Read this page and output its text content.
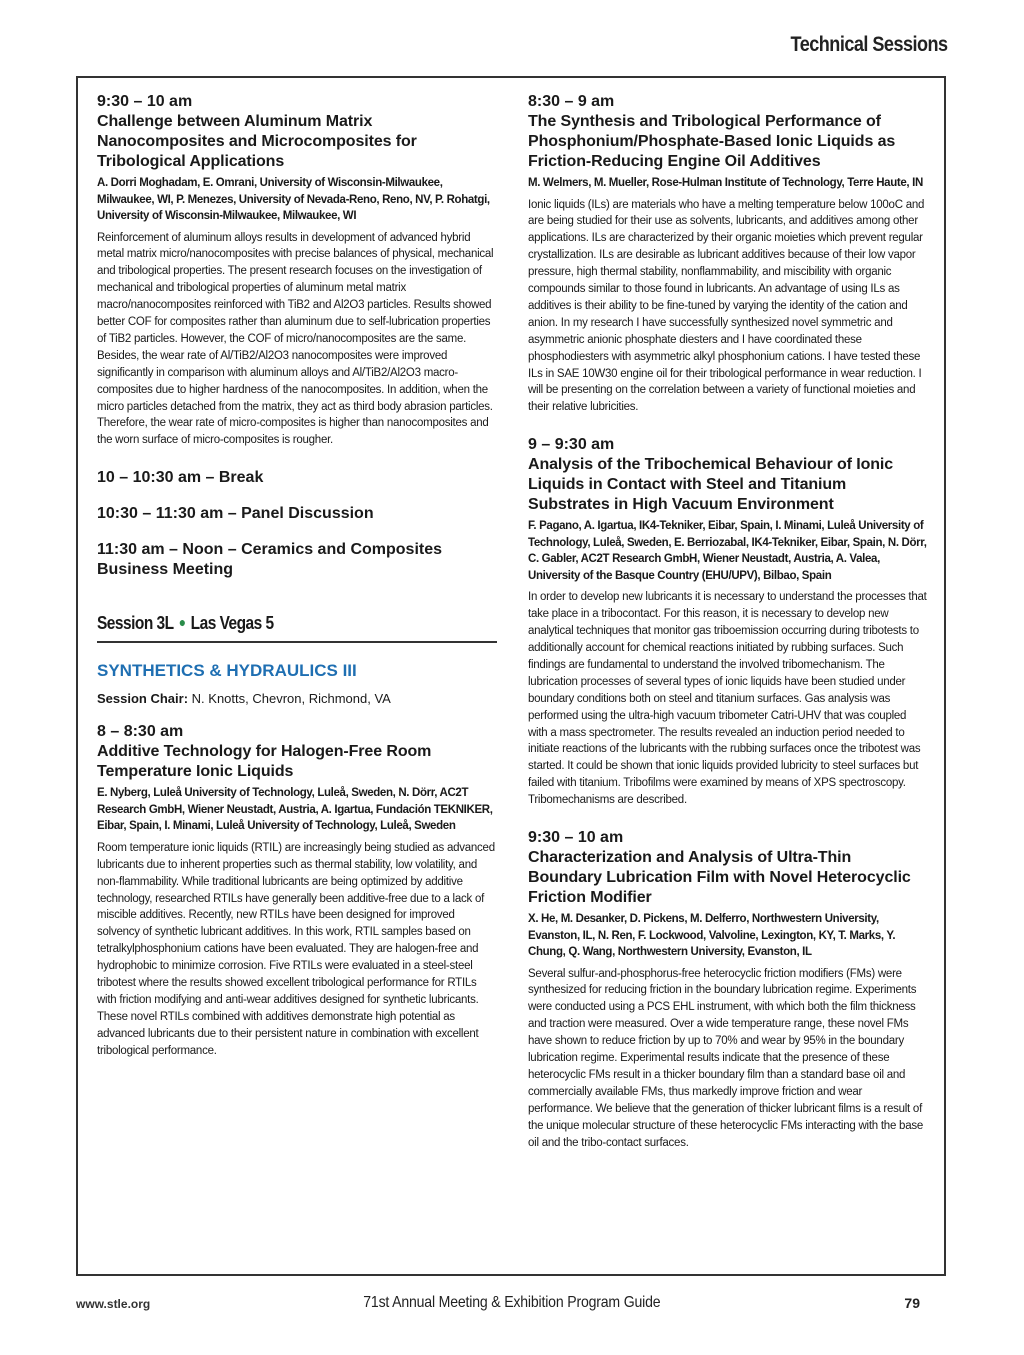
Technical Sessions

9:30 – 10 am

Challenge between Aluminum Matrix Nanocomposites and Microcomposites for Tribological Applications

A. Dorri Moghadam, E. Omrani, University of Wisconsin-Milwaukee, Milwaukee, WI, P. Menezes, University of Nevada-Reno, Reno, NV, P. Rohatgi, University of Wisconsin-Milwaukee, Milwaukee, WI

Reinforcement of aluminum alloys results in development of advanced hybrid metal matrix micro/nanocomposites with precise balances of physical, mechanical and tribological properties. The present research focuses on the investigation of mechanical and tribological properties of aluminum metal matrix macro/nanocomposites reinforced with TiB2 and Al2O3 particles. Results showed better COF for composites rather than aluminum due to self-lubrication properties of TiB2 particles. However, the COF of micro/nanocomposites are the same. Besides, the wear rate of Al/TiB2/Al2O3 nanocomposites were improved significantly in comparison with aluminum alloys and Al/TiB2/Al2O3 macro-composites due to higher hardness of the nanocomposites. In addition, when the micro particles detached from the matrix, they act as third body abrasion particles. Therefore, the wear rate of micro-composites is higher than nanocomposites and the worn surface of micro-composites is rougher.

10 – 10:30 am – Break

10:30 – 11:30 am – Panel Discussion

11:30 am – Noon – Ceramics and Composites Business Meeting

Session 3L ● Las Vegas 5

SYNTHETICS & HYDRAULICS III

Session Chair: N. Knotts, Chevron, Richmond, VA

8 – 8:30 am

Additive Technology for Halogen-Free Room Temperature Ionic Liquids

E. Nyberg, Luleå University of Technology, Luleå, Sweden, N. Dörr, AC2T Research GmbH, Wiener Neustadt, Austria, A. Igartua, Fundación TEKNIKER, Eibar, Spain, I. Minami, Luleå University of Technology, Luleå, Sweden

Room temperature ionic liquids (RTIL) are increasingly being studied as advanced lubricants due to inherent properties such as thermal stability, low volatility, and non-flammability. While traditional lubricants are being optimized by additive technology, researched RTILs have generally been additive-free due to a lack of miscible additives. Recently, new RTILs have been designed for improved solvency of synthetic lubricant additives. In this work, RTIL samples based on tetralkylphosphonium cations have been evaluated. They are halogen-free and hydrophobic to minimize corrosion. Five RTILs were evaluated in a steel-steel tribotest where the results showed excellent tribological performance for RTILs with friction modifying and anti-wear additives designed for synthetic lubricants. These novel RTILs combined with additives demonstrate high potential as advanced lubricants due to their persistent nature in combination with excellent tribological performance.

8:30 – 9 am

The Synthesis and Tribological Performance of Phosphonium/Phosphate-Based Ionic Liquids as Friction-Reducing Engine Oil Additives

M. Welmers, M. Mueller, Rose-Hulman Institute of Technology, Terre Haute, IN

Ionic liquids (ILs) are materials who have a melting temperature below 100oC and are being studied for their use as solvents, lubricants, and additives among other applications. ILs are characterized by their organic moieties which prevent regular crystallization. ILs are desirable as lubricant additives because of their low vapor pressure, high thermal stability, nonflammability, and miscibility with organic compounds similar to those found in lubricants. An advantage of using ILs as additives is their ability to be fine-tuned by varying the identity of the cation and anion. In my research I have successfully synthesized novel symmetric and asymmetric anionic phosphate diesters and I have coordinated these phosphodiesters with asymmetric alkyl phosphonium cations. I have tested these ILs in SAE 10W30 engine oil for their tribological performance in wear reduction. I will be presenting on the correlation between a variety of functional moieties and their relative lubricities.

9 – 9:30 am

Analysis of the Tribochemical Behaviour of Ionic Liquids in Contact with Steel and Titanium Substrates in High Vacuum Environment

F. Pagano, A. Igartua, IK4-Tekniker, Eibar, Spain, I. Minami, Luleå University of Technology, Luleå, Sweden, E. Berriozabal, IK4-Tekniker, Eibar, Spain, N. Dörr, C. Gabler, AC2T Research GmbH, Wiener Neustadt, Austria, A. Valea, University of the Basque Country (EHU/UPV), Bilbao, Spain

In order to develop new lubricants it is necessary to understand the processes that take place in a tribocontact. For this reason, it is necessary to develop new analytical techniques that monitor gas triboemission occurring during tribotests to additionally account for chemical reactions initiated by rubbing surfaces. Such findings are fundamental to understand the involved tribomechanism. The lubrication processes of several types of ionic liquids have been studied under boundary conditions both on steel and titanium surfaces. Gas analysis was performed using the ultra-high vacuum tribometer Catri-UHV that was coupled with a mass spectrometer. The results revealed an induction period needed to initiate reactions of the lubricants with the rubbing surfaces once the tribotest was started. It could be shown that ionic liquids provided lubricity to steel surfaces but failed with titanium. Tribofilms were examined by means of XPS spectroscopy. Tribomechanisms are described.

9:30 – 10 am

Characterization and Analysis of Ultra-Thin Boundary Lubrication Film with Novel Heterocyclic Friction Modifier

X. He, M. Desanker, D. Pickens, M. Delferro, Northwestern University, Evanston, IL, N. Ren, F. Lockwood, Valvoline, Lexington, KY, T. Marks, Y. Chung, Q. Wang, Northwestern University, Evanston, IL

Several sulfur-and-phosphorus-free heterocyclic friction modifiers (FMs) were synthesized for reducing friction in the boundary lubrication regime. Experiments were conducted using a PCS EHL instrument, with which both the film thickness and traction were measured. Over a wide temperature range, these novel FMs have shown to reduce friction by up to 70% and wear by 95% in the boundary lubrication regime. Experimental results indicate that the presence of these heterocyclic FMs result in a thicker boundary film than a standard base oil and commercially available FMs, thus markedly improve friction and wear performance. We believe that the generation of thicker lubricant films is a result of the unique molecular structure of these heterocyclic FMs interacting with the base oil and the tribo-contact surfaces.

www.stle.org	71st Annual Meeting & Exhibition Program Guide	79
